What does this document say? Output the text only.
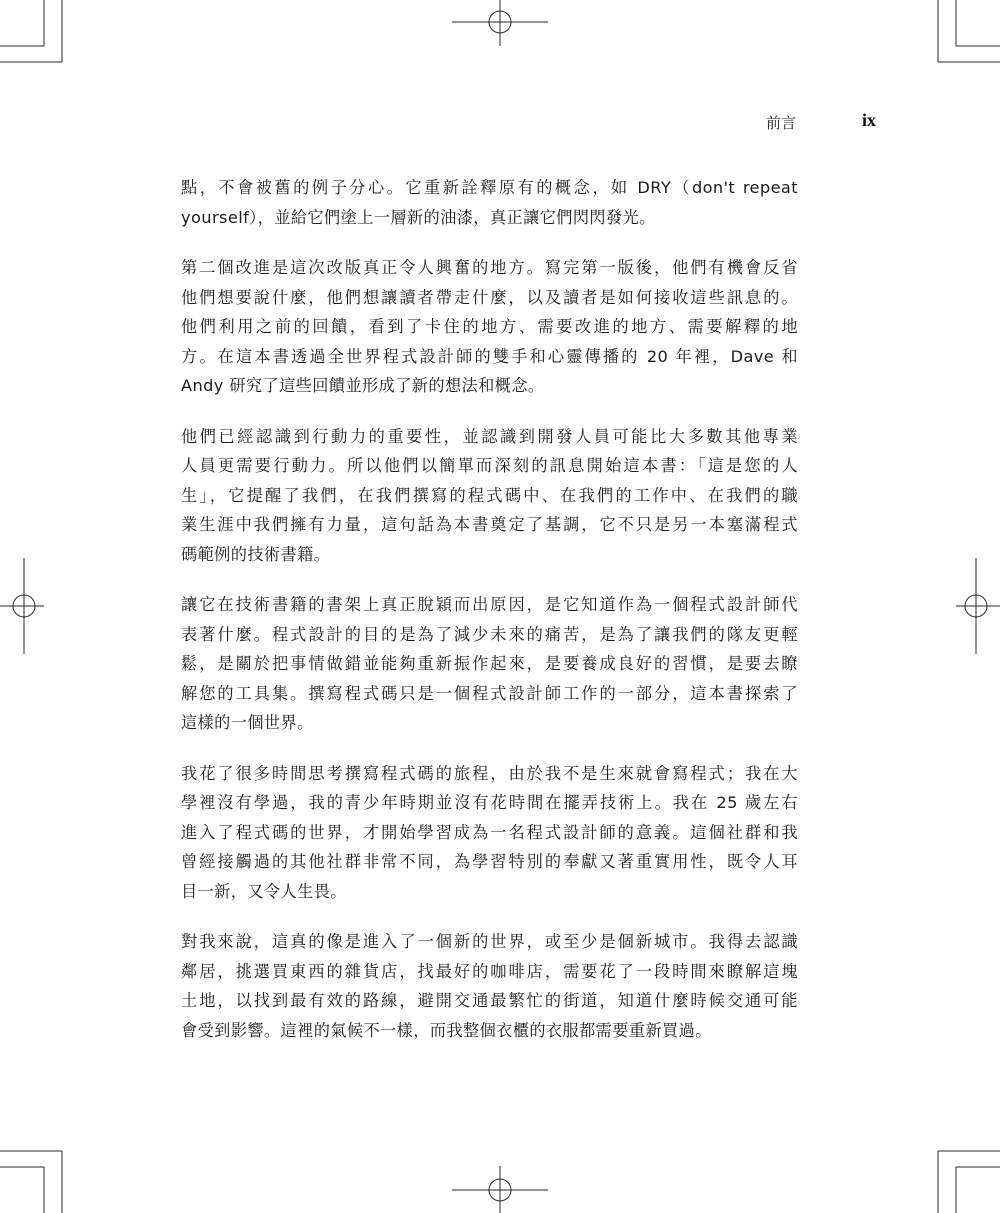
前言	ix
點，不會被舊的例子分心。它重新詮釋原有的概念，如 DRY（don't repeat
yourself），並給它們塗上一層新的油漆，真正讓它們閃閃發光。
第二個改進是這次改版真正令人興奮的地方。寫完第一版後，他們有機會反省
他們想要說什麼，他們想讓讀者帶走什麼，以及讀者是如何接收這些訊息的。
他們利用之前的回饋，看到了卡住的地方、需要改進的地方、需要解釋的地
方。在這本書透過全世界程式設計師的雙手和心靈傳播的 20 年裡，Dave 和
Andy 研究了這些回饋並形成了新的想法和概念。
他們已經認識到行動力的重要性，並認識到開發人員可能比大多數其他專業
人員更需要行動力。所以他們以簡單而深刻的訊息開始這本書：「這是您的人
生」，它提醒了我們，在我們撰寫的程式碼中、在我們的工作中、在我們的職
業生涯中我們擁有力量，這句話為本書奠定了基調，它不只是另一本塞滿程式
碼範例的技術書籍。
讓它在技術書籍的書架上真正脫穎而出原因，是它知道作為一個程式設計師代
表著什麼。程式設計的目的是為了減少未來的痛苦，是為了讓我們的隊友更輕
鬆，是關於把事情做錯並能夠重新振作起來，是要養成良好的習慣，是要去瞭
解您的工具集。撰寫程式碼只是一個程式設計師工作的一部分，這本書探索了
這樣的一個世界。
我花了很多時間思考撰寫程式碼的旅程，由於我不是生來就會寫程式；我在大
學裡沒有學過，我的青少年時期並沒有花時間在擺弄技術上。我在 25 歲左右
進入了程式碼的世界，才開始學習成為一名程式設計師的意義。這個社群和我
曾經接觸過的其他社群非常不同，為學習特別的奉獻又著重實用性，既令人耳
目一新，又令人生畏。
對我來說，這真的像是進入了一個新的世界，或至少是個新城市。我得去認識
鄰居，挑選買東西的雜貨店，找最好的咖啡店，需要花了一段時間來瞭解這塊
土地，以找到最有效的路線，避開交通最繁忙的街道，知道什麼時候交通可能
會受到影響。這裡的氣候不一樣，而我整個衣櫃的衣服都需要重新買過。
